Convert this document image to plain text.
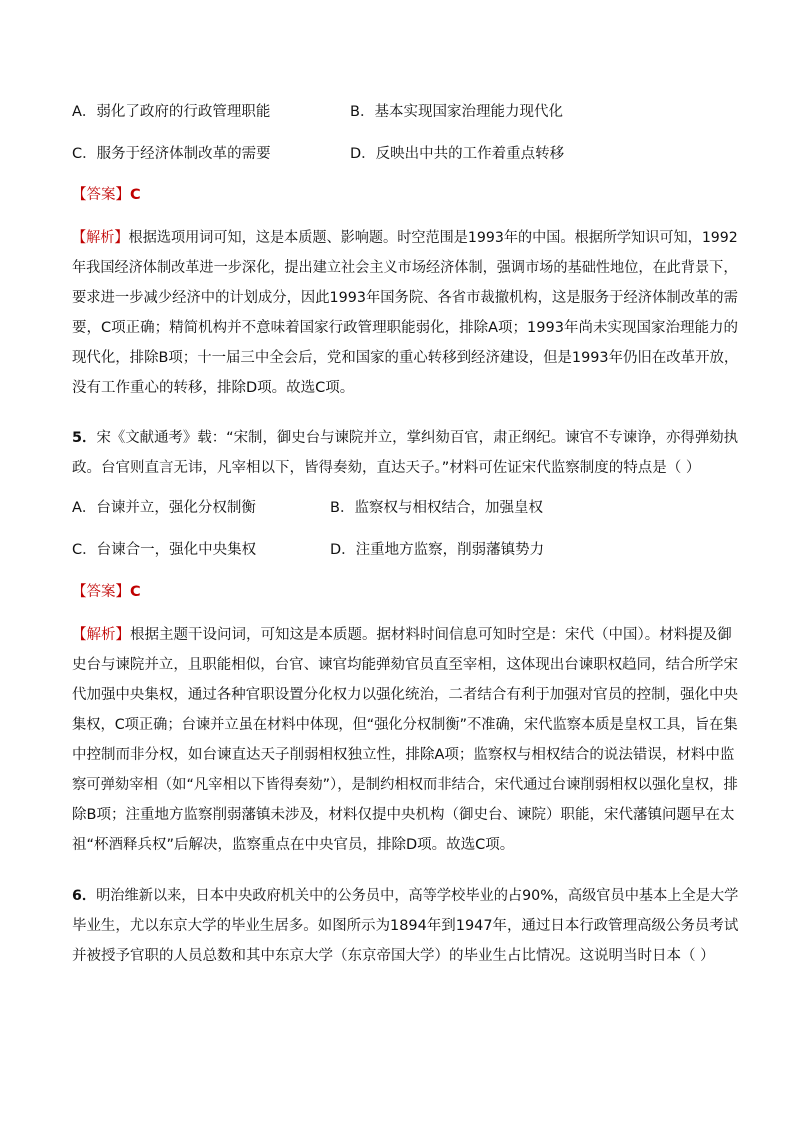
A．弱化了政府的行政管理职能	B．基本实现国家治理能力现代化
C．服务于经济体制改革的需要	D．反映出中共的工作着重点转移
【答案】C
【解析】根据选项用词可知，这是本质题、影响题。时空范围是1993年的中国。根据所学知识可知，1992
年我国经济体制改革进一步深化，提出建立社会主义市场经济体制，强调市场的基础性地位，在此背景下，
要求进一步减少经济中的计划成分，因此1993年国务院、各省市裁撤机构，这是服务于经济体制改革的需
要，C项正确；精简机构并不意味着国家行政管理职能弱化，排除A项；1993年尚未实现国家治理能力的
现代化，排除B项；十一届三中全会后，党和国家的重心转移到经济建设，但是1993年仍旧在改革开放，
没有工作重心的转移，排除D项。故选C项。
5．宋《文献通考》载：“宋制，御史台与谏院并立，掌纠劾百官，肃正纲纪。谏官不专谏诤，亦得弹劾执
政。台官则直言无讳，凡宰相以下，皆得奏劾，直达天子。”材料可佐证宋代监察制度的特点是（ ）
A．台谏并立，强化分权制衡	B．监察权与相权结合，加强皇权
C．台谏合一，强化中央集权	D．注重地方监察，削弱藩镇势力
【答案】C
【解析】根据主题干设问词，可知这是本质题。据材料时间信息可知时空是：宋代（中国）。材料提及御
史台与谏院并立，且职能相似，台官、谏官均能弹劾官员直至宰相，这体现出台谏职权趋同，结合所学宋
代加强中央集权，通过各种官职设置分化权力以强化统治，二者结合有利于加强对官员的控制，强化中央
集权，C项正确；台谏并立虽在材料中体现，但“强化分权制衡”不准确，宋代监察本质是皇权工具，旨在集
中控制而非分权，如台谏直达天子削弱相权独立性，排除A项；监察权与相权结合的说法错误，材料中监
察可弹劾宰相（如“凡宰相以下皆得奏劾”），是制约相权而非结合，宋代通过台谏削弱相权以强化皇权，排
除B项；注重地方监察削弱藩镇未涉及，材料仅提中央机构（御史台、谏院）职能，宋代藩镇问题早在太
祖“杯酒释兵权”后解决，监察重点在中央官员，排除D项。故选C项。
6．明治维新以来，日本中央政府机关中的公务员中，高等学校毕业的占90%，高级官员中基本上全是大学
毕业生，尤以东京大学的毕业生居多。如图所示为1894年到1947年，通过日本行政管理高级公务员考试
并被授予官职的人员总数和其中东京大学（东京帝国大学）的毕业生占比情况。这说明当时日本（ ）
